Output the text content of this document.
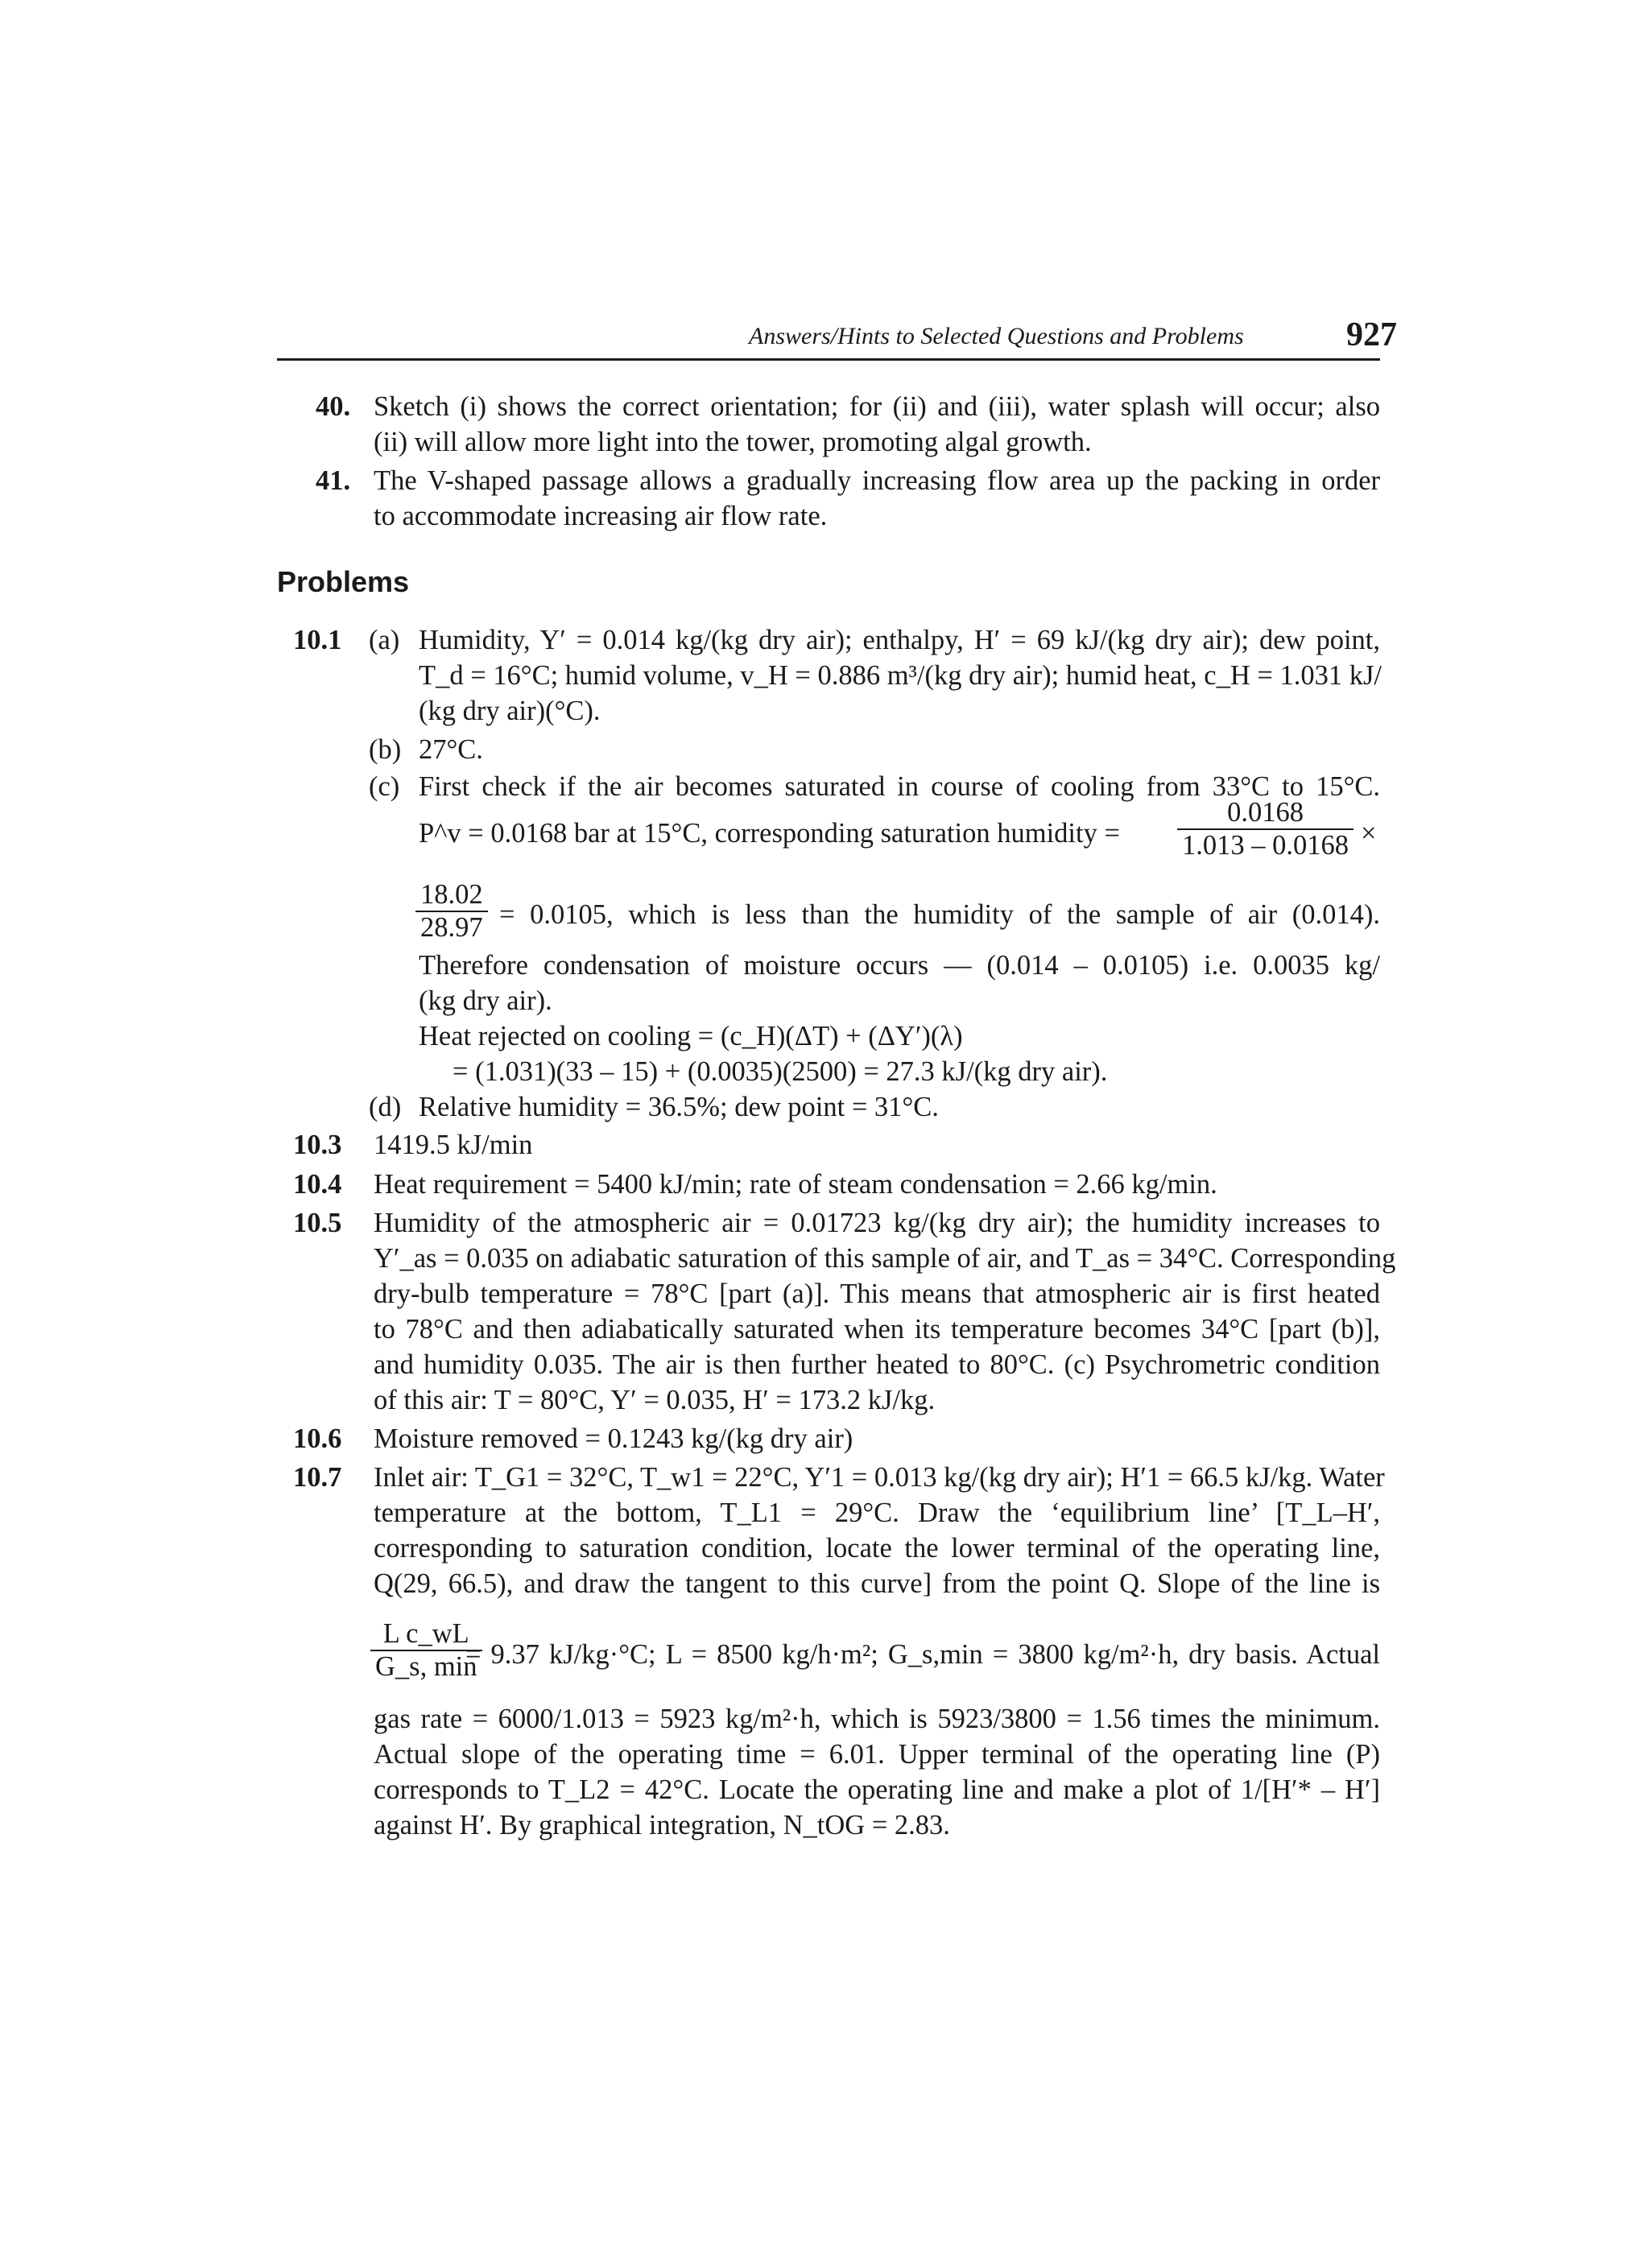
Answers/Hints to Selected Questions and Problems	927
40. Sketch (i) shows the correct orientation; for (ii) and (iii), water splash will occur; also
(ii) will allow more light into the tower, promoting algal growth.
41. The V-shaped passage allows a gradually increasing flow area up the packing in order
to accommodate increasing air flow rate.
Problems
10.1 (a) Humidity, Y′ = 0.014 kg/(kg dry air); enthalpy, H′ = 69 kJ/(kg dry air); dew point,
T_d = 16°C; humid volume, v_H = 0.886 m³/(kg dry air); humid heat, c_H = 1.031 kJ/
(kg dry air)(°C).
(b) 27°C.
(c) First check if the air becomes saturated in course of cooling from 33°C to 15°C.
P^v = 0.0168 bar at 15°C, corresponding saturation humidity = $\frac{0.0168}{1.013 - 0.0168}$ ×
$\frac{18.02}{28.97} = 0.0105$, which is less than the humidity of the sample of air (0.014).
Therefore condensation of moisture occurs — (0.014 – 0.0105) i.e. 0.0035 kg/
(kg dry air).
Heat rejected on cooling = (c_H)(ΔT) + (ΔY′)(λ)
= (1.031)(33 – 15) + (0.0035)(2500) = 27.3 kJ/(kg dry air).
(d) Relative humidity = 36.5%; dew point = 31°C.
10.3 1419.5 kJ/min
10.4 Heat requirement = 5400 kJ/min; rate of steam condensation = 2.66 kg/min.
10.5 Humidity of the atmospheric air = 0.01723 kg/(kg dry air); the humidity increases to
Y′_as = 0.035 on adiabatic saturation of this sample of air, and T_as = 34°C. Corresponding
dry-bulb temperature = 78°C [part (a)]. This means that atmospheric air is first heated
to 78°C and then adiabatically saturated when its temperature becomes 34°C [part (b)],
and humidity 0.035. The air is then further heated to 80°C. (c) Psychrometric condition
of this air: T = 80°C, Y′ = 0.035, H′ = 173.2 kJ/kg.
10.6 Moisture removed = 0.1243 kg/(kg dry air)
10.7 Inlet air: T_G1 = 32°C, T_w1 = 22°C, Y′1 = 0.013 kg/(kg dry air); H′1 = 66.5 kJ/kg. Water
temperature at the bottom, T_L1 = 29°C. Draw the ‘equilibrium line’ [T_L–H′,
corresponding to saturation condition, locate the lower terminal of the operating line,
Q(29, 66.5), and draw the tangent to this curve] from the point Q. Slope of the line is
$\frac{\text{L c\_wL}}{G\_s, \min}$
= 9.37 kJ/kg·°C; L = 8500 kg/h·m²; G_s,min = 3800 kg/m²·h, dry basis. Actual
gas rate = 6000/1.013 = 5923 kg/m²·h, which is 5923/3800 = 1.56 times the minimum.
Actual slope of the operating time = 6.01. Upper terminal of the operating line (P)
corresponds to T_L2 = 42°C. Locate the operating line and make a plot of 1/[H′* – H′]
against H′. By graphical integration, N_tOG = 2.83.
